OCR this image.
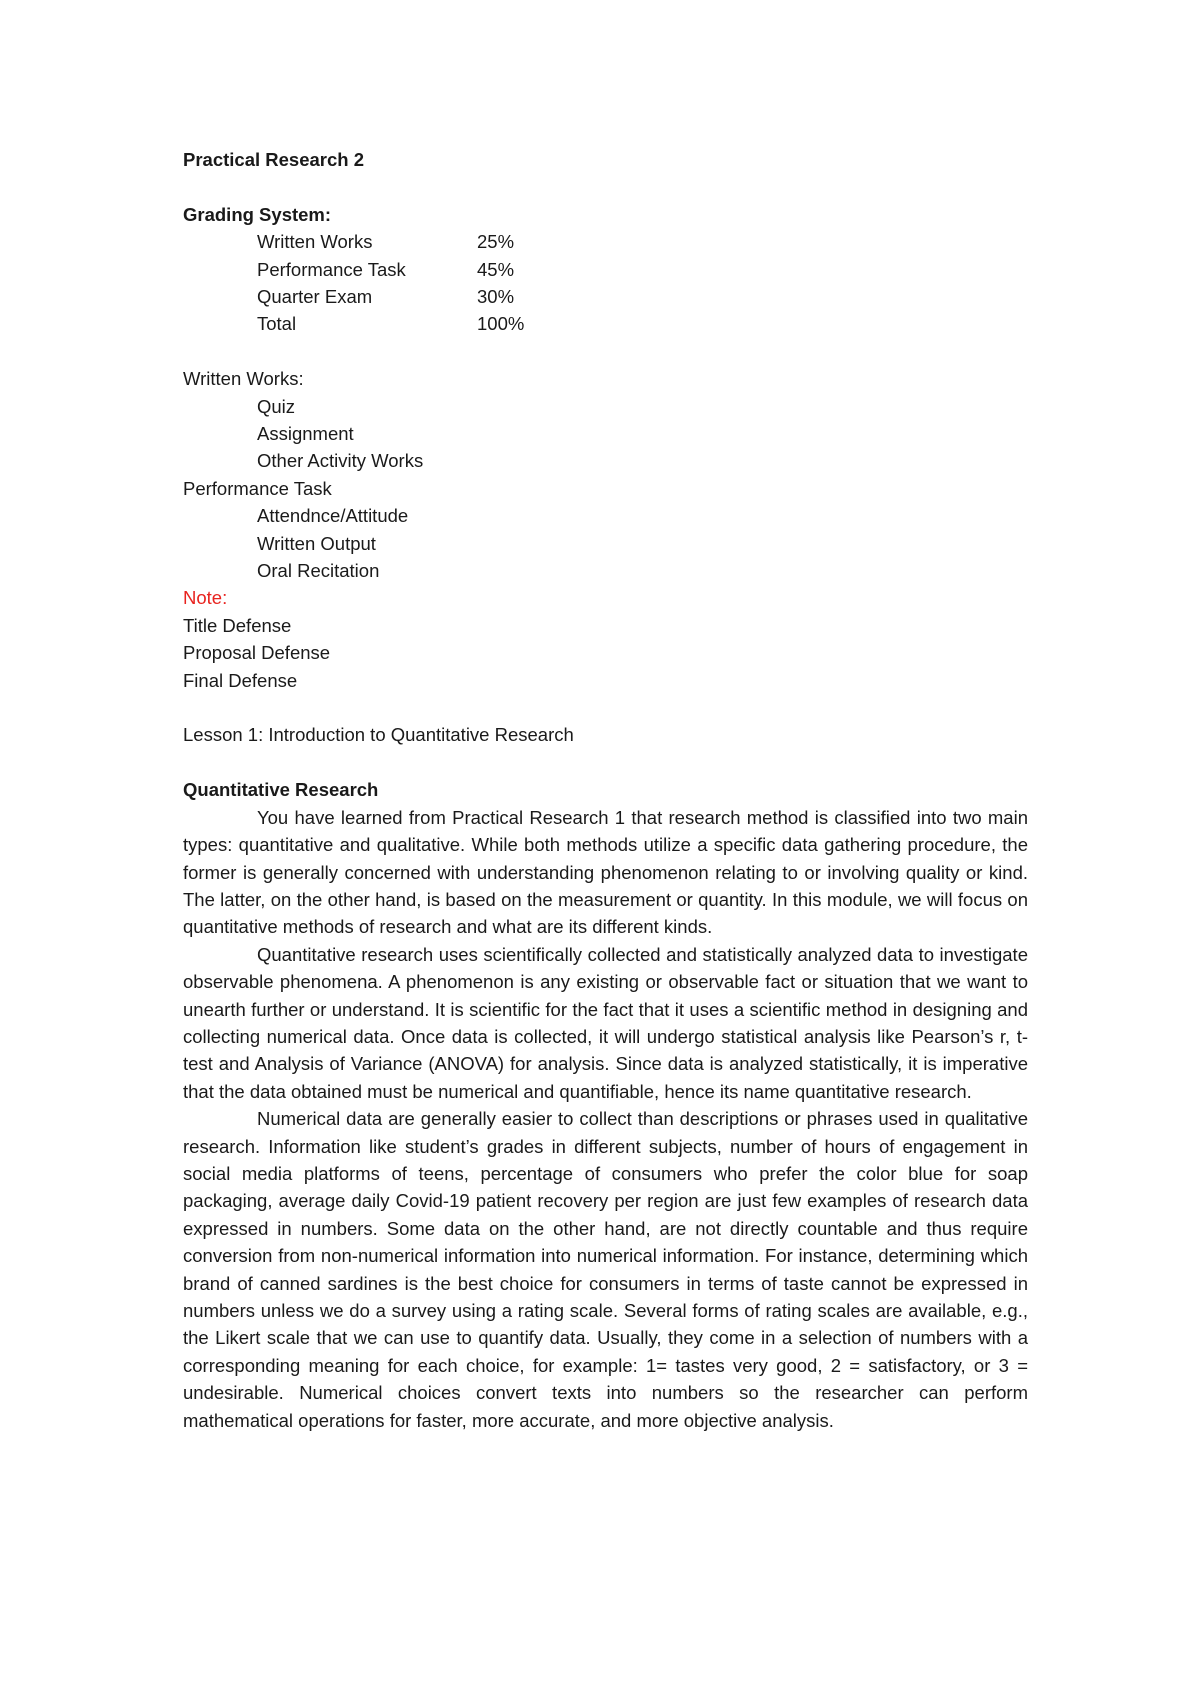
Practical Research 2
Grading System:
Written Works	25%
Performance Task	45%
Quarter Exam	30%
Total	100%
Written Works:
Quiz
Assignment
Other Activity Works
Performance Task
Attendnce/Attitude
Written Output
Oral Recitation
Note:
Title Defense
Proposal Defense
Final Defense
Lesson 1: Introduction to Quantitative Research
Quantitative Research
You have learned from Practical Research 1 that research method is classified into two main types: quantitative and qualitative. While both methods utilize a specific data gathering procedure, the former is generally concerned with understanding phenomenon relating to or involving quality or kind. The latter, on the other hand, is based on the measurement or quantity. In this module, we will focus on quantitative methods of research and what are its different kinds.
Quantitative research uses scientifically collected and statistically analyzed data to investigate observable phenomena. A phenomenon is any existing or observable fact or situation that we want to unearth further or understand. It is scientific for the fact that it uses a scientific method in designing and collecting numerical data. Once data is collected, it will undergo statistical analysis like Pearson’s r, t-test and Analysis of Variance (ANOVA) for analysis. Since data is analyzed statistically, it is imperative that the data obtained must be numerical and quantifiable, hence its name quantitative research.
Numerical data are generally easier to collect than descriptions or phrases used in qualitative research. Information like student’s grades in different subjects, number of hours of engagement in social media platforms of teens, percentage of consumers who prefer the color blue for soap packaging, average daily Covid-19 patient recovery per region are just few examples of research data expressed in numbers. Some data on the other hand, are not directly countable and thus require conversion from non-numerical information into numerical information. For instance, determining which brand of canned sardines is the best choice for consumers in terms of taste cannot be expressed in numbers unless we do a survey using a rating scale. Several forms of rating scales are available, e.g., the Likert scale that we can use to quantify data. Usually, they come in a selection of numbers with a corresponding meaning for each choice, for example: 1= tastes very good, 2 = satisfactory, or 3 = undesirable. Numerical choices convert texts into numbers so the researcher can perform mathematical operations for faster, more accurate, and more objective analysis.
